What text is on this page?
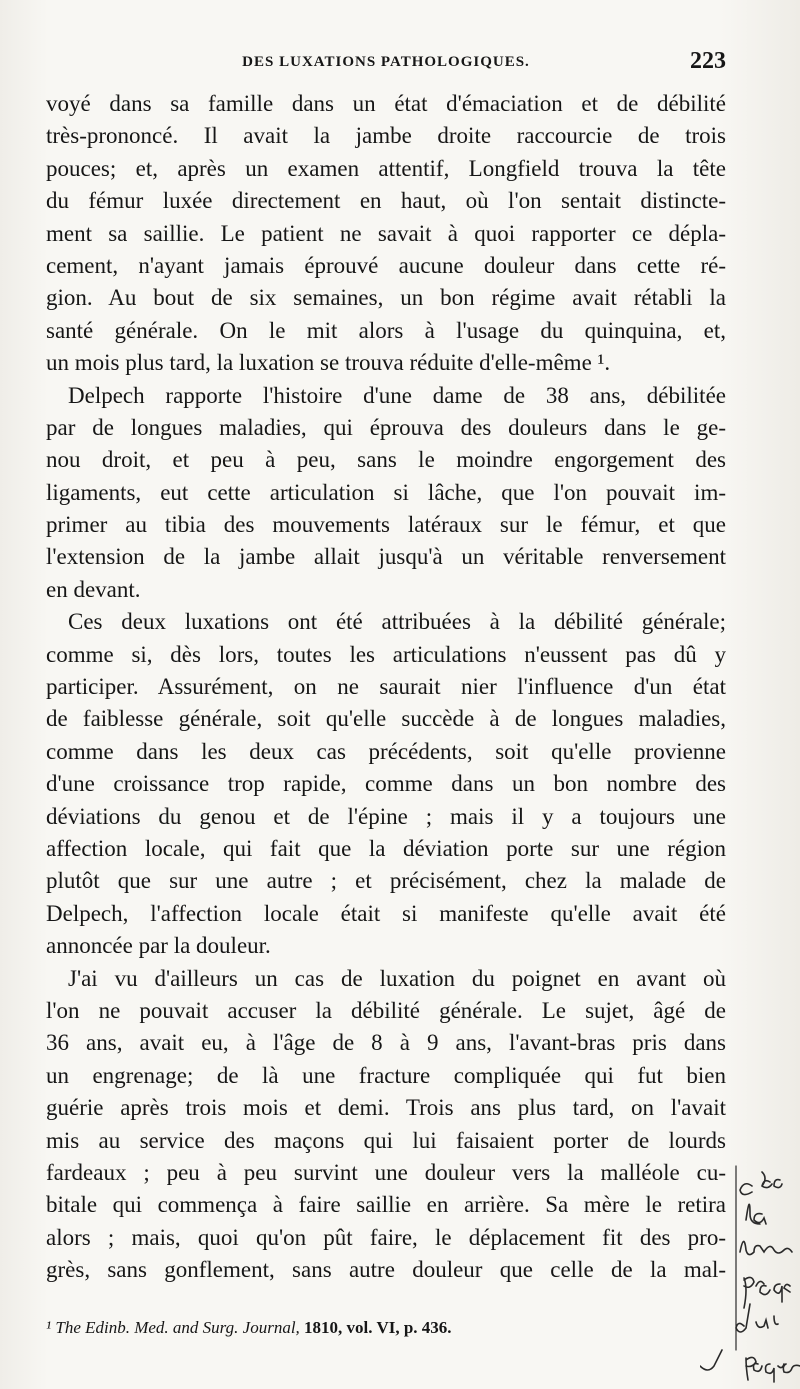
DES LUXATIONS PATHOLOGIQUES.	223
voyé dans sa famille dans un état d'émaciation et de débilité
très-prononcé. Il avait la jambe droite raccourcie de trois
pouces; et, après un examen attentif, Longfield trouva la tête
du fémur luxée directement en haut, où l'on sentait distincte-
ment sa saillie. Le patient ne savait à quoi rapporter ce dépla-
cement, n'ayant jamais éprouvé aucune douleur dans cette ré-
gion. Au bout de six semaines, un bon régime avait rétabli la
santé générale. On le mit alors à l'usage du quinquina, et,
un mois plus tard, la luxation se trouva réduite d'elle-même ¹.
Delpech rapporte l'histoire d'une dame de 38 ans, débilitée
par de longues maladies, qui éprouva des douleurs dans le ge-
nou droit, et peu à peu, sans le moindre engorgement des
ligaments, eut cette articulation si lâche, que l'on pouvait im-
primer au tibia des mouvements latéraux sur le fémur, et que
l'extension de la jambe allait jusqu'à un véritable renversement
en devant.
Ces deux luxations ont été attribuées à la débilité générale;
comme si, dès lors, toutes les articulations n'eussent pas dû y
participer. Assurément, on ne saurait nier l'influence d'un état
de faiblesse générale, soit qu'elle succède à de longues maladies,
comme dans les deux cas précédents, soit qu'elle provienne
d'une croissance trop rapide, comme dans un bon nombre des
déviations du genou et de l'épine ; mais il y a toujours une
affection locale, qui fait que la déviation porte sur une région
plutôt que sur une autre ; et précisément, chez la malade de
Delpech, l'affection locale était si manifeste qu'elle avait été
annoncée par la douleur.
J'ai vu d'ailleurs un cas de luxation du poignet en avant où
l'on ne pouvait accuser la débilité générale. Le sujet, âgé de
36 ans, avait eu, à l'âge de 8 à 9 ans, l'avant-bras pris dans
un engrenage; de là une fracture compliquée qui fut bien
guérie après trois mois et demi. Trois ans plus tard, on l'avait
mis au service des maçons qui lui faisaient porter de lourds
fardeaux ; peu à peu survint une douleur vers la malléole cu-
bitale qui commença à faire saillie en arrière. Sa mère le retira
alors ; mais, quoi qu'on pût faire, le déplacement fit des pro-
grès, sans gonflement, sans autre douleur que celle de la mal-
¹ The Edinb. Med. and Surg. Journal, 1810, vol. VI, p. 436.
